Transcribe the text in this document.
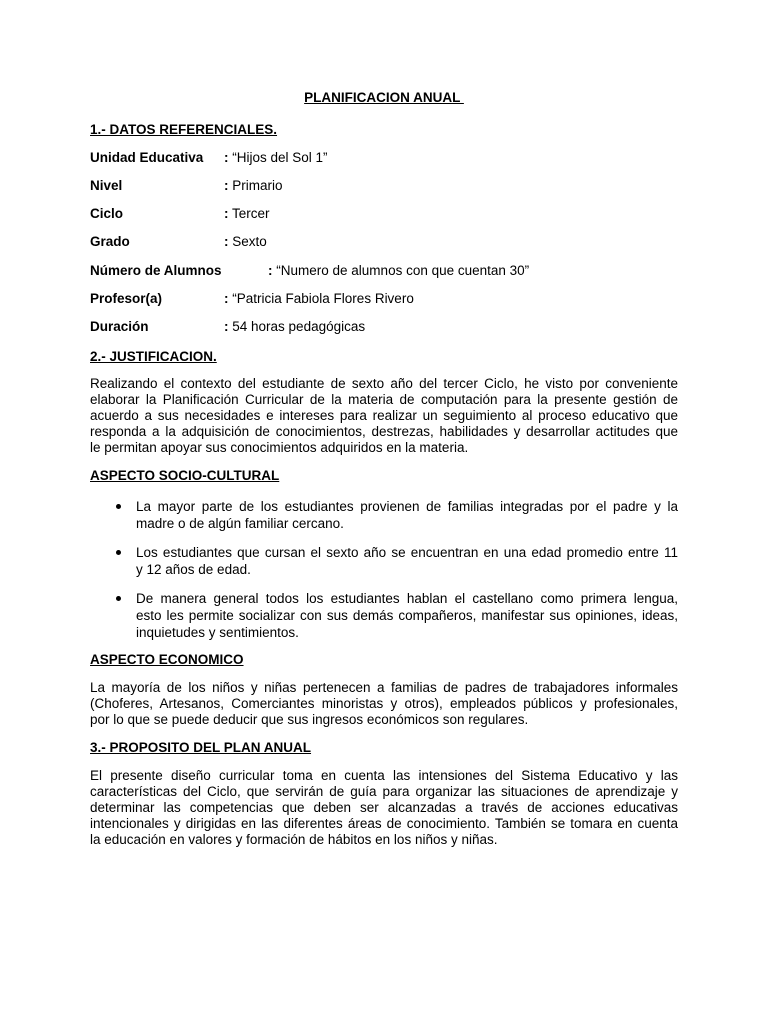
PLANIFICACION ANUAL
1.- DATOS REFERENCIALES.
Unidad Educativa : “Hijos del Sol 1”
Nivel	: Primario
Ciclo	: Tercer
Grado	: Sexto
Número de Alumnos	: “Numero de alumnos con que cuentan 30”
Profesor(a)	: “Patricia Fabiola Flores Rivero
Duración	: 54 horas pedagógicas
2.- JUSTIFICACION.
Realizando el contexto del estudiante de sexto año del tercer Ciclo, he visto por conveniente
elaborar la Planificación Curricular de la materia de computación para la presente gestión de
acuerdo a sus necesidades e intereses para realizar un seguimiento al proceso educativo que
responda a la adquisición de conocimientos, destrezas, habilidades y desarrollar actitudes que
le permitan apoyar sus conocimientos adquiridos en la materia.
ASPECTO SOCIO-CULTURAL
La mayor parte de los estudiantes provienen de familias integradas por el padre y la
madre o de algún familiar cercano.
Los estudiantes que cursan el sexto año se encuentran en una edad promedio entre 11
y 12 años de edad.
De manera general todos los estudiantes hablan el castellano como primera lengua,
esto les permite socializar con sus demás compañeros, manifestar sus opiniones, ideas,
inquietudes y sentimientos.
ASPECTO ECONOMICO
La mayoría de los niños y niñas pertenecen a familias de padres de trabajadores informales
(Choferes, Artesanos, Comerciantes minoristas y otros), empleados públicos y profesionales,
por lo que se puede deducir que sus ingresos económicos son regulares.
3.- PROPOSITO DEL PLAN ANUAL
El presente diseño curricular toma en cuenta las intensiones del Sistema Educativo y las
características del Ciclo, que servirán de guía para organizar las situaciones de aprendizaje y
determinar las competencias que deben ser alcanzadas a través de acciones educativas
intencionales y dirigidas en las diferentes áreas de conocimiento. También se tomara en cuenta
la educación en valores y formación de hábitos en los niños y niñas.
